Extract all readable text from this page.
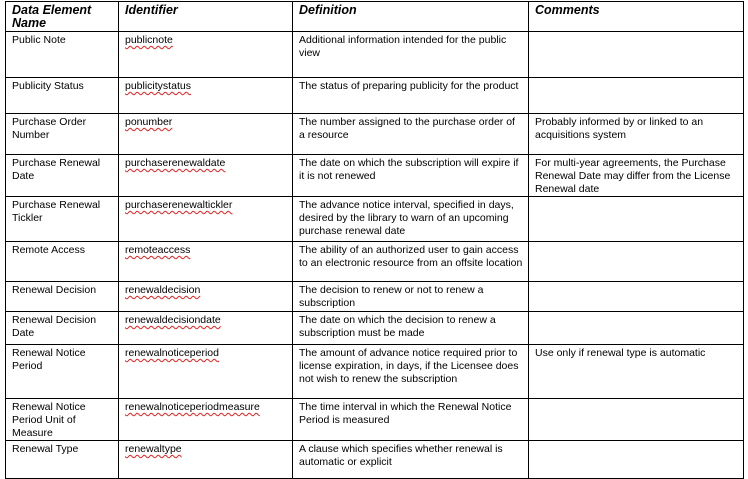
Data Element Name	Identifier	Definition	Comments
Public Note	publicnote	Additional information intended for the public view	
Publicity Status	publicitystatus	The status of preparing publicity for the product	
Purchase Order Number	ponumber	The number assigned to the purchase order of a resource	Probably informed by or linked to an acquisitions system
Purchase Renewal Date	purchaserenewaldate	The date on which the subscription will expire if it is not renewed	For multi-year agreements, the Purchase Renewal Date may differ from the License Renewal date
Purchase Renewal Tickler	purchaserenewaltickler	The advance notice interval, specified in days, desired by the library to warn of an upcoming purchase renewal date	
Remote Access	remoteaccess	The ability of an authorized user to gain access to an electronic resource from an offsite location	
Renewal Decision	renewaldecision	The decision to renew or not to renew a subscription	
Renewal Decision Date	renewaldecisiondate	The date on which the decision to renew a subscription must be made	
Renewal Notice Period	renewalnoticeperiod	The amount of advance notice required prior to license expiration, in days, if the Licensee does not wish to renew the subscription	Use only if renewal type is automatic
Renewal Notice Period Unit of Measure	renewalnoticeperiodmeasure	The time interval in which the Renewal Notice Period is measured	
Renewal Type	renewaltype	A clause which specifies whether renewal is automatic or explicit	
